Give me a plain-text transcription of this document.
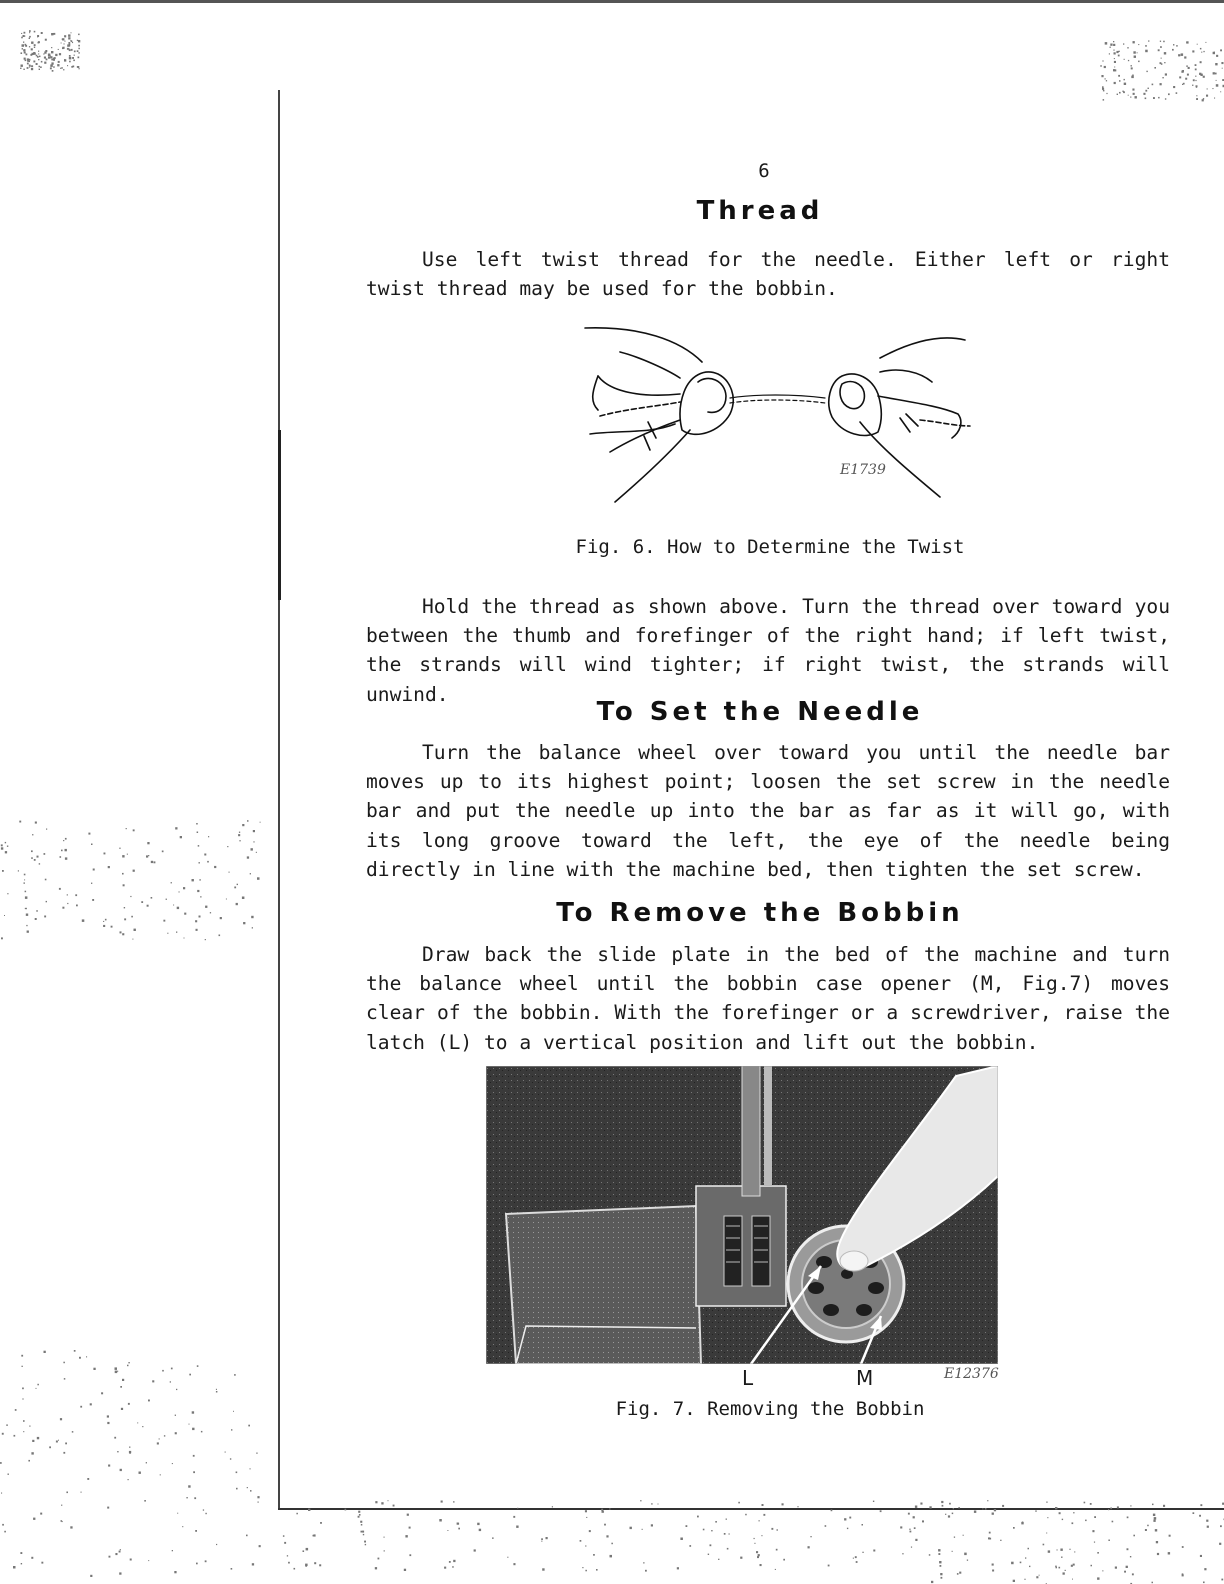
6
Thread
Use left twist thread for the needle. Either left or right twist thread may be used for the bobbin.
E1739
Fig. 6. How to Determine the Twist
Hold the thread as shown above. Turn the thread over toward you between the thumb and forefinger of the right hand; if left twist, the strands will wind tighter; if right twist, the strands will unwind.
To Set the Needle
Turn the balance wheel over toward you until the needle bar moves up to its highest point; loosen the set screw in the needle bar and put the needle up into the bar as far as it will go, with its long groove toward the left, the eye of the needle being directly in line with the machine bed, then tighten the set screw.
To Remove the Bobbin
Draw back the slide plate in the bed of the machine and turn the balance wheel until the bobbin case opener (M, Fig.7) moves clear of the bobbin. With the forefinger or a screwdriver, raise the latch (L) to a vertical position and lift out the bobbin.
L	M	E12376
Fig. 7. Removing the Bobbin
